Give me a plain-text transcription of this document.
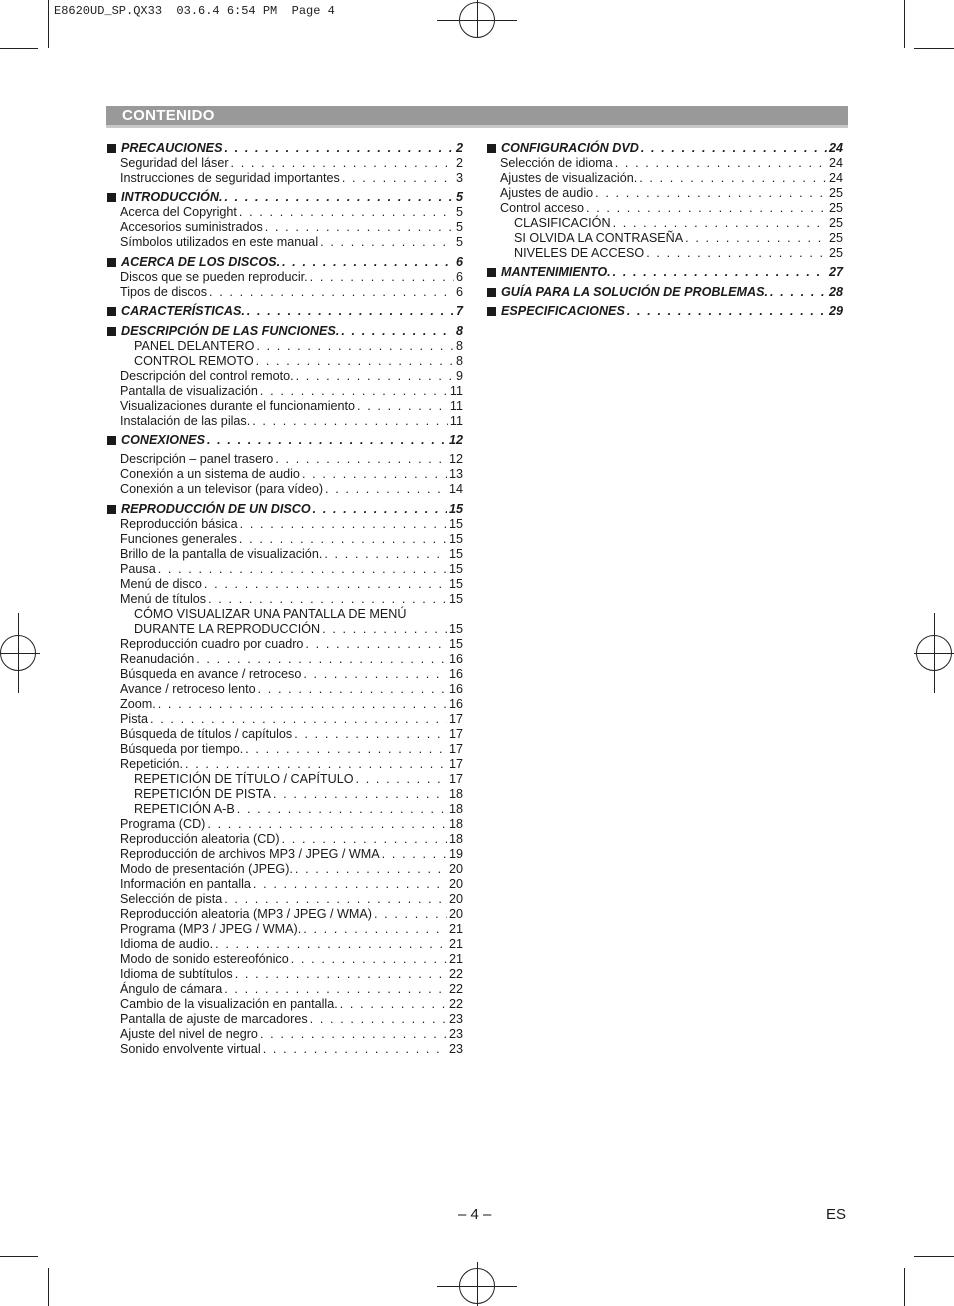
E8620UD_SP.QX33  03.6.4 6:54 PM  Page 4
CONTENIDO
PRECAUCIONES . . .	2
Seguridad del láser . . .	2
Instrucciones de seguridad importantes . . .	3
INTRODUCCIÓN. . . .	5
Acerca del Copyright . . .	5
Accesorios suministrados . . .	5
Símbolos utilizados en este manual . . .	5
ACERCA DE LOS DISCOS. . . .	6
Discos que se pueden reproducir. . . .	6
Tipos de discos . . .	6
CARACTERÍSTICAS. . . .	7
DESCRIPCIÓN DE LAS FUNCIONES. . . .	8
PANEL DELANTERO . . .	8
CONTROL REMOTO . . .	8
Descripción del control remoto. . . .	9
Pantalla de visualización . . .	11
Visualizaciones durante el funcionamiento . . .	11
Instalación de las pilas. . . .	11
CONEXIONES . . .	12
Descripción – panel trasero . . .	12
Conexión a un sistema de audio . . .	13
Conexión a un televisor (para vídeo) . . .	14
REPRODUCCIÓN DE UN DISCO . . .	15
Reproducción básica . . .	15
Funciones generales . . .	15
Brillo de la pantalla de visualización. . . .	15
Pausa . . .	15
Menú de disco . . .	15
Menú de títulos . . .	15
CÓMO VISUALIZAR UNA PANTALLA DE MENÚ
DURANTE LA REPRODUCCIÓN . . .	15
Reproducción cuadro por cuadro . . .	15
Reanudación . . .	16
Búsqueda en avance / retroceso . . .	16
Avance / retroceso lento . . .	16
Zoom. . . .	16
Pista . . .	17
Búsqueda de títulos / capítulos . . .	17
Búsqueda por tiempo. . . .	17
Repetición. . . .	17
REPETICIÓN DE TÍTULO / CAPÍTULO . . .	17
REPETICIÓN DE PISTA . . .	18
REPETICIÓN A-B . . .	18
Programa (CD) . . .	18
Reproducción aleatoria (CD) . . .	18
Reproducción de archivos MP3 / JPEG / WMA . . .	19
Modo de presentación (JPEG). . . .	20
Información en pantalla . . .	20
Selección de pista . . .	20
Reproducción aleatoria (MP3 / JPEG / WMA) . . .	20
Programa (MP3 / JPEG / WMA). . . .	21
Idioma de audio. . . .	21
Modo de sonido estereofónico . . .	21
Idioma de subtítulos . . .	22
Ángulo de cámara . . .	22
Cambio de la visualización en pantalla. . . .	22
Pantalla de ajuste de marcadores . . .	23
Ajuste del nivel de negro . . .	23
Sonido envolvente virtual . . .	23
CONFIGURACIÓN DVD . . .	24
Selección de idioma . . .	24
Ajustes de visualización. . . .	24
Ajustes de audio . . .	25
Control acceso . . .	25
CLASIFICACIÓN . . .	25
SI OLVIDA LA CONTRASEÑA . . .	25
NIVELES DE ACCESO . . .	25
MANTENIMIENTO. . . .	27
GUÍA PARA LA SOLUCIÓN DE PROBLEMAS. . . .	28
ESPECIFICACIONES . . .	29
– 4 –	ES
